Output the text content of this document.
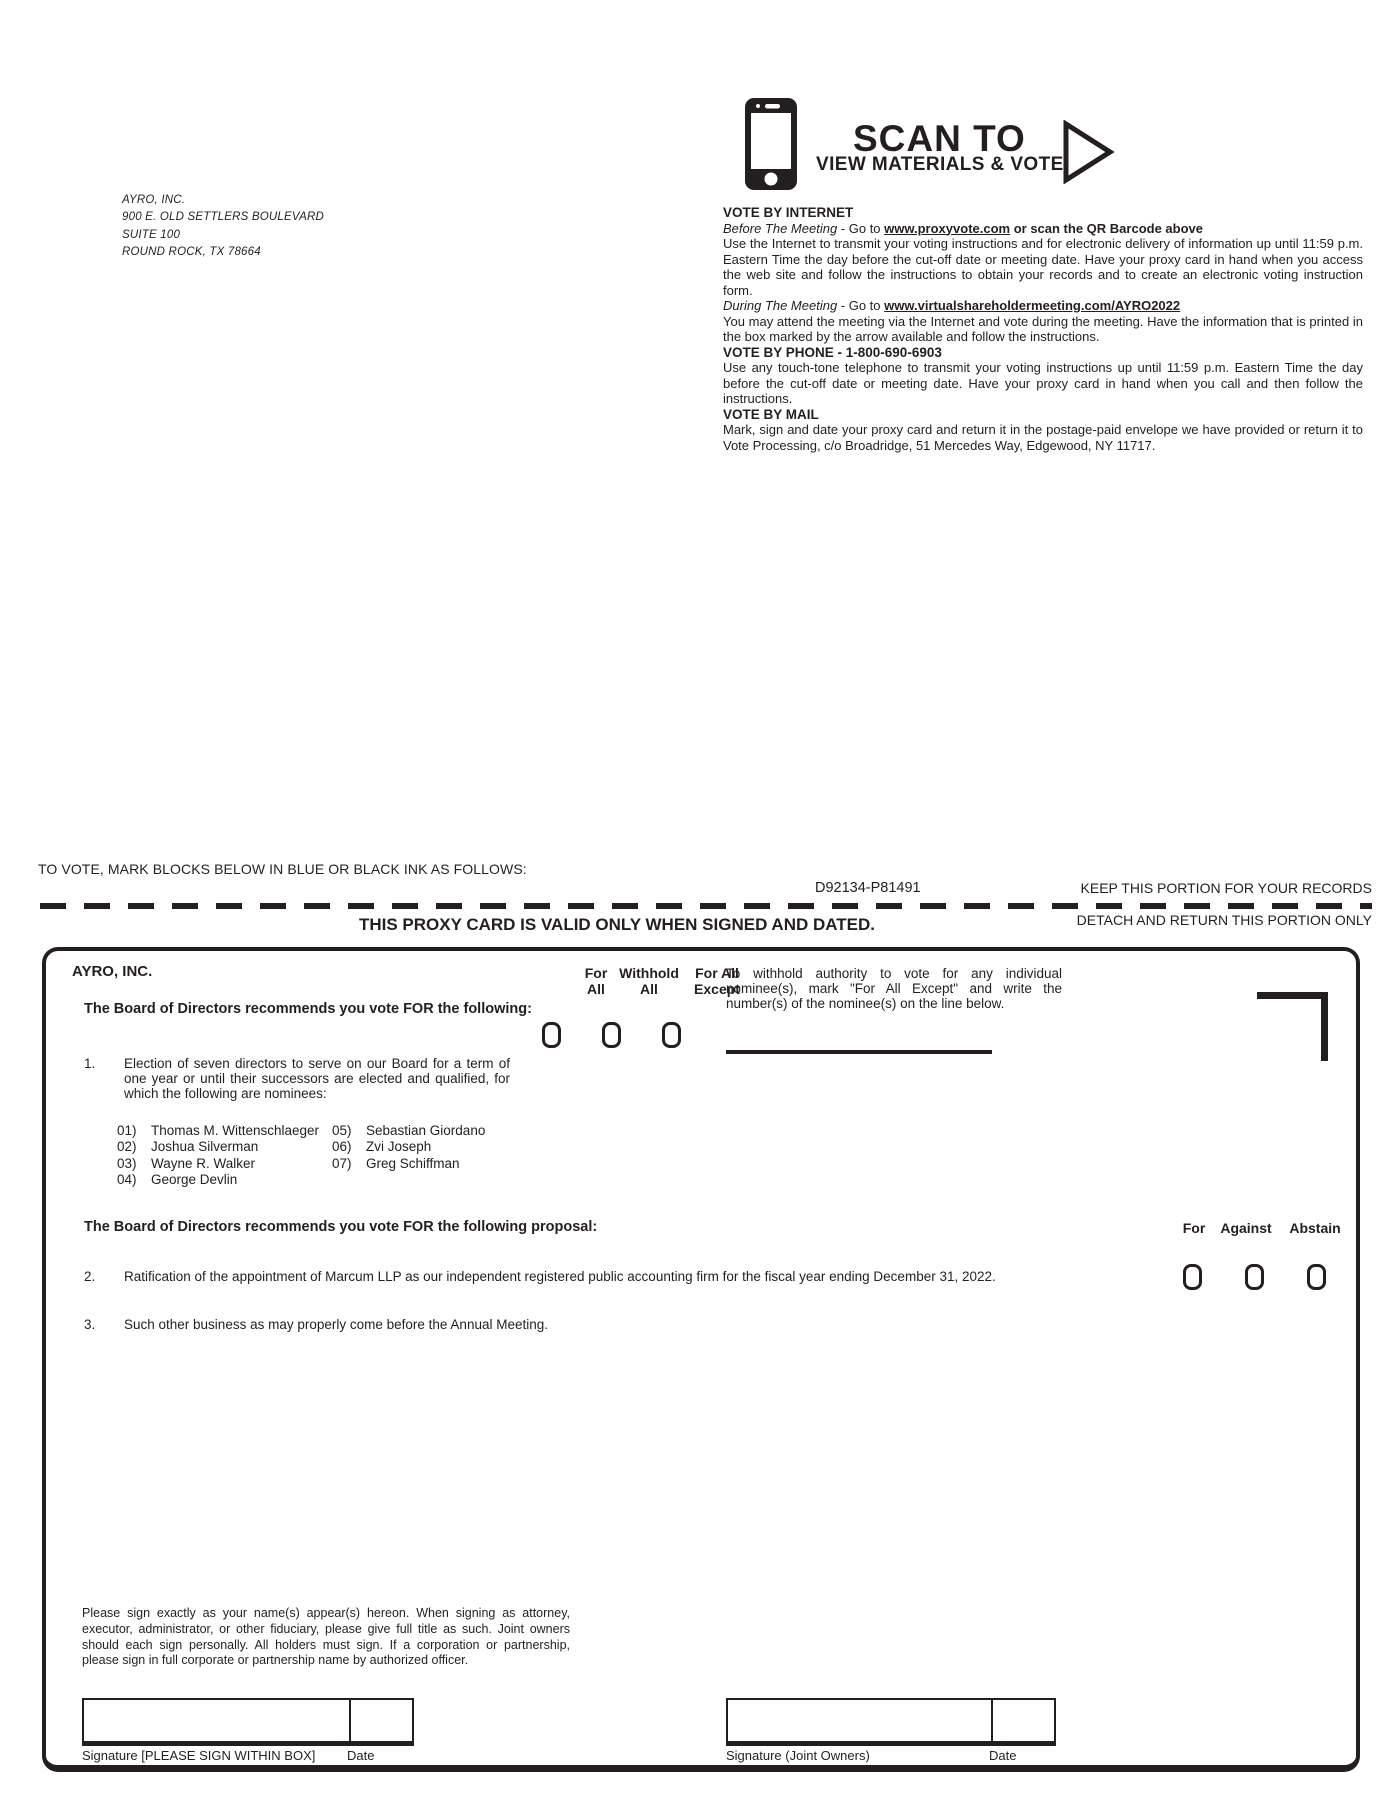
AYRO, INC.
900 E. OLD SETTLERS BOULEVARD
SUITE 100
ROUND ROCK, TX 78664
SCAN TO
VIEW MATERIALS & VOTE

VOTE BY INTERNET

Before The Meeting - Go to www.proxyvote.com or scan the QR Barcode above

Use the Internet to transmit your voting instructions and for electronic delivery of information up until 11:59 p.m. Eastern Time the day before the cut-off date or meeting date. Have your proxy card in hand when you access the web site and follow the instructions to obtain your records and to create an electronic voting instruction form.

During The Meeting - Go to www.virtualshareholdermeeting.com/AYRO2022

You may attend the meeting via the Internet and vote during the meeting. Have the information that is printed in the box marked by the arrow available and follow the instructions.

VOTE BY PHONE - 1-800-690-6903

Use any touch-tone telephone to transmit your voting instructions up until 11:59 p.m. Eastern Time the day before the cut-off date or meeting date. Have your proxy card in hand when you call and then follow the instructions.

VOTE BY MAIL

Mark, sign and date your proxy card and return it in the postage-paid envelope we have provided or return it to Vote Processing, c/o Broadridge, 51 Mercedes Way, Edgewood, NY 11717.

TO VOTE, MARK BLOCKS BELOW IN BLUE OR BLACK INK AS FOLLOWS:
D92134-P81491	KEEP THIS PORTION FOR YOUR RECORDS
THIS PROXY CARD IS VALID ONLY WHEN SIGNED AND DATED.	DETACH AND RETURN THIS PORTION ONLY
AYRO, INC.	For
All
Withhold
All
For All
Except
The Board of Directors recommends you vote FOR the following:
To withhold authority to vote for any individual nominee(s), mark "For All Except" and write the number(s) of the nominee(s) on the line below.
1. Election of seven directors to serve on our Board for a term of one year or until their successors are elected and qualified, for which the following are nominees:
01) Thomas M. Wittenschlaeger
02) Joshua Silverman
03) Wayne R. Walker
04) George Devlin
05) Sebastian Giordano
06) Zvi Joseph
07) Greg Schiffman
The Board of Directors recommends you vote FOR the following proposal:	For	Against	Abstain
2. Ratification of the appointment of Marcum LLP as our independent registered public accounting firm for the fiscal year ending December 31, 2022.
3. Such other business as may properly come before the Annual Meeting.
Please sign exactly as your name(s) appear(s) hereon. When signing as attorney, executor, administrator, or other fiduciary, please give full title as such. Joint owners should each sign personally. All holders must sign. If a corporation or partnership, please sign in full corporate or partnership name by authorized officer.
Signature [PLEASE SIGN WITHIN BOX] Date	Signature (Joint Owners)	Date
